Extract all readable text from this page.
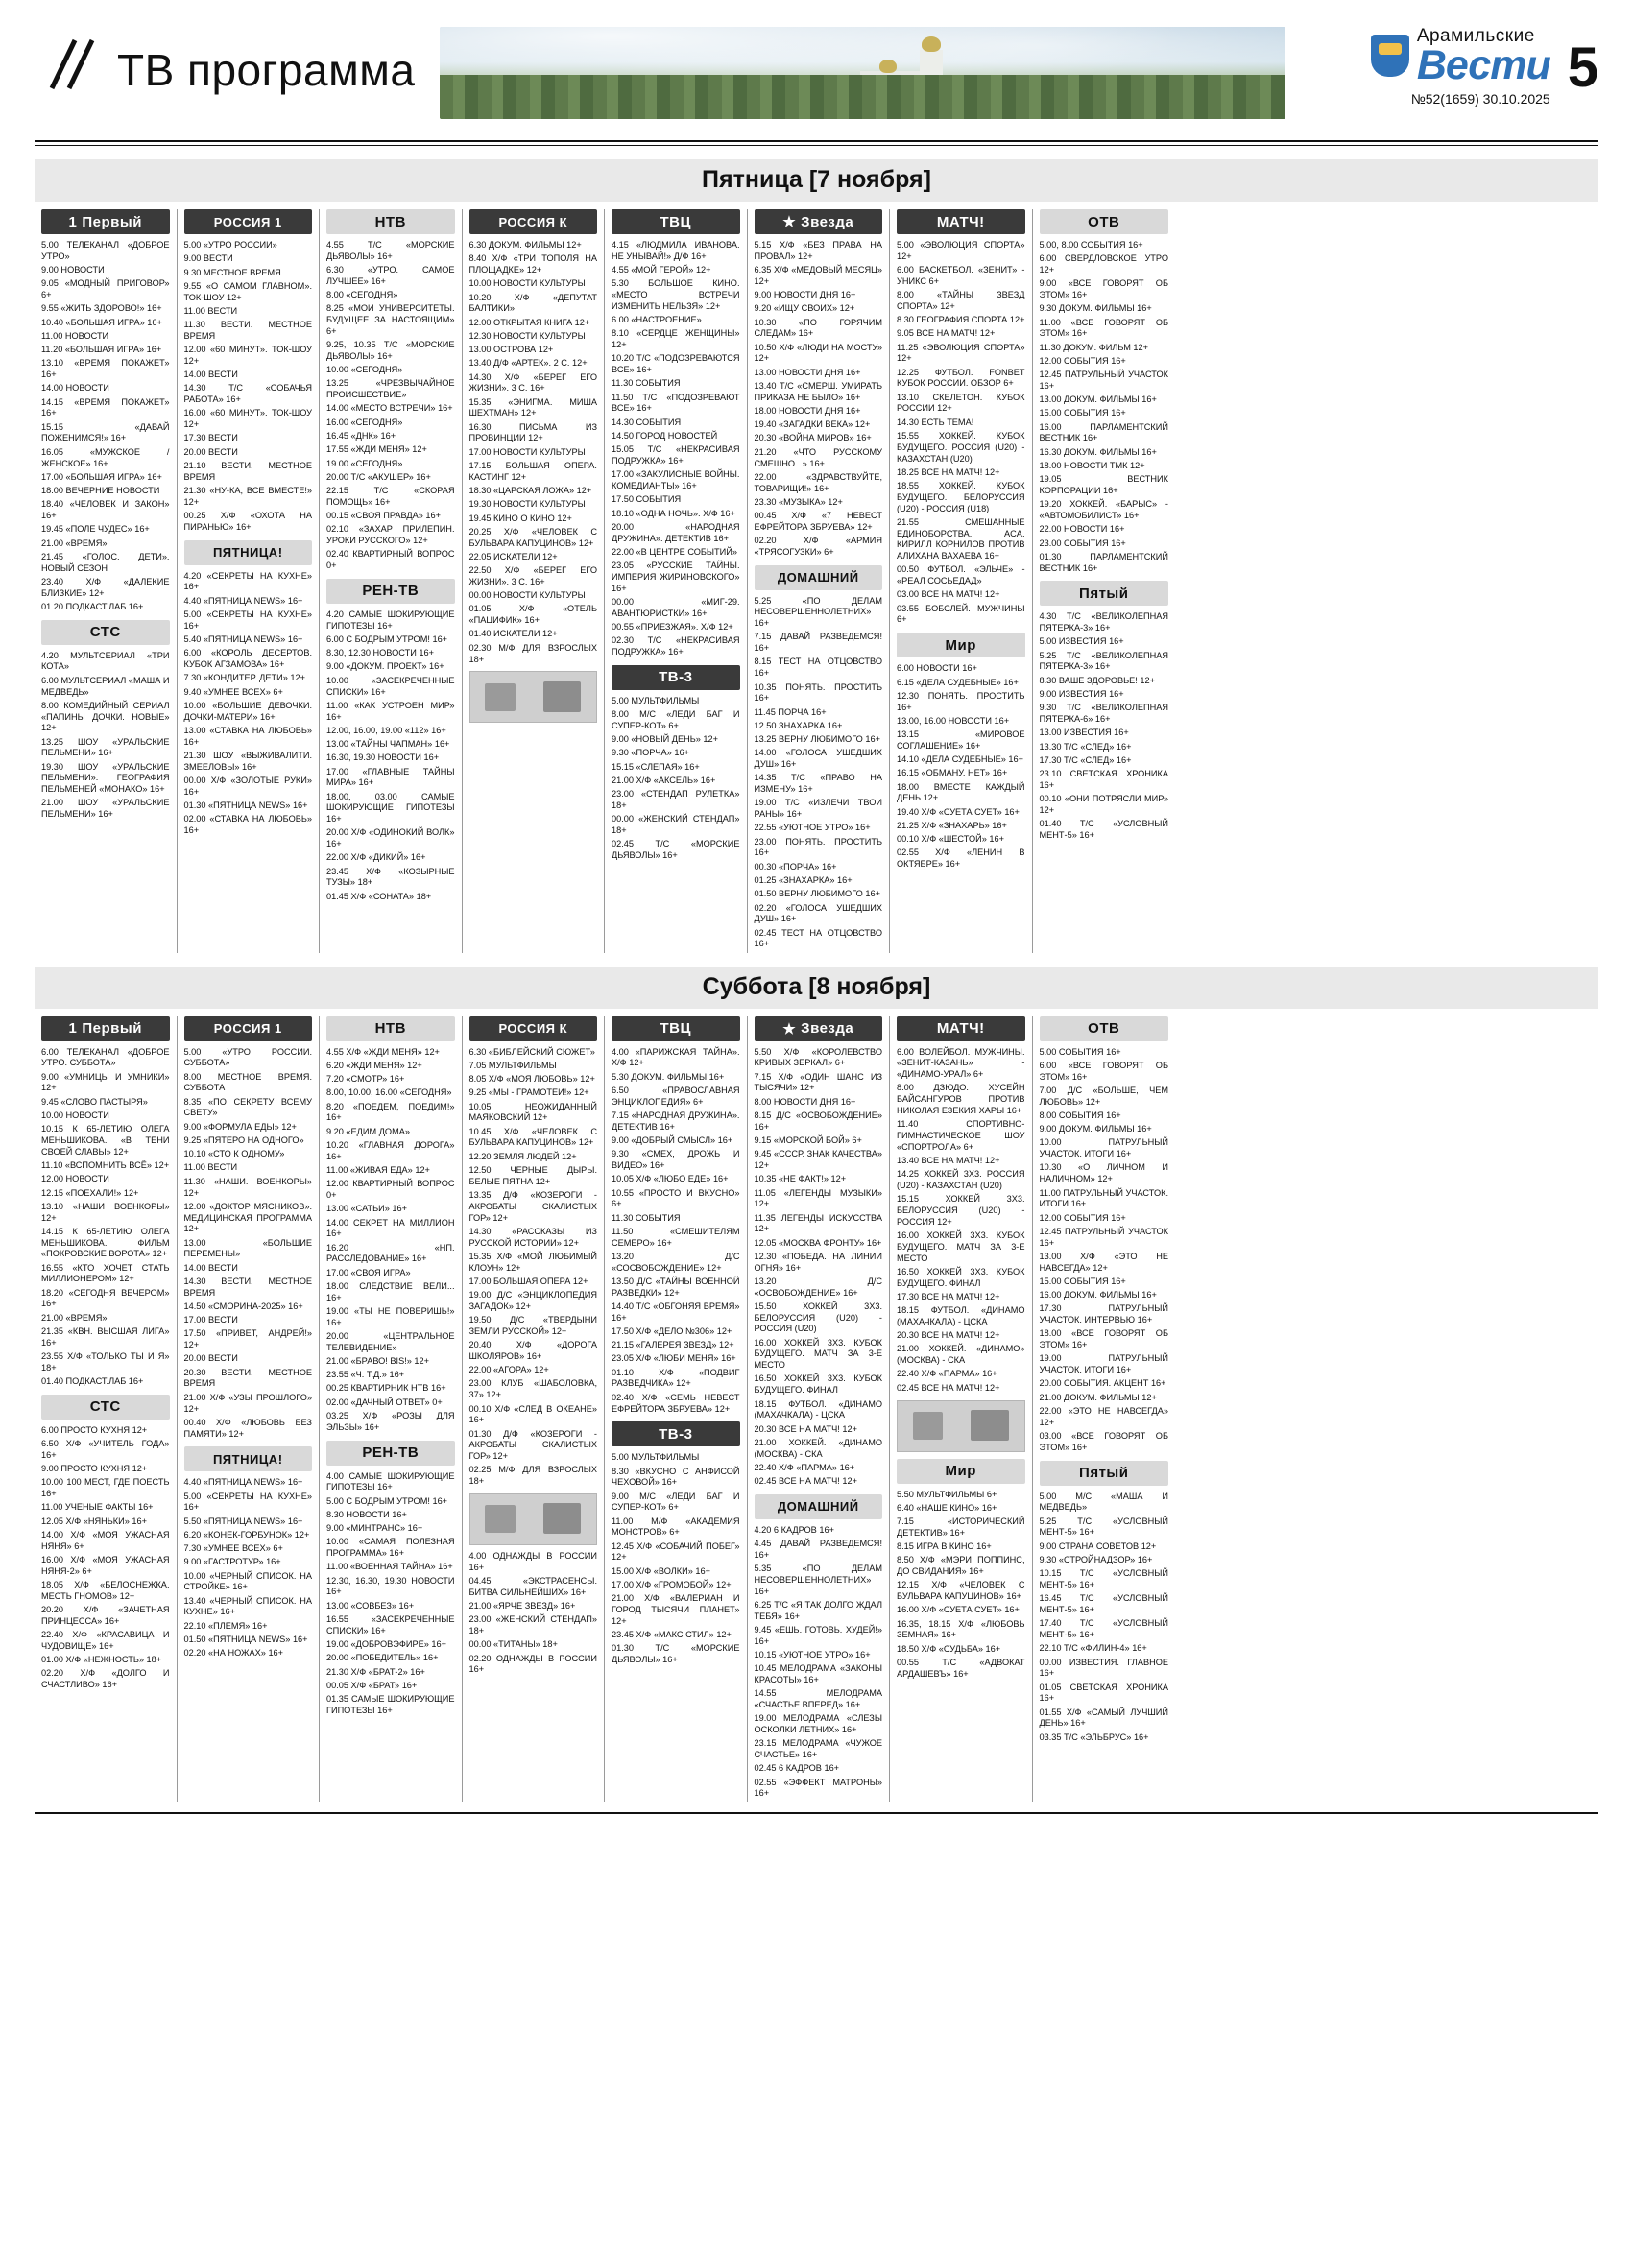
ТВ программа
Арамильские
Вести
№52(1659) 30.10.2025 5
Пятница [7 ноября]
1 Первый

5.00 ТЕЛЕКАНАЛ «ДОБРОЕ УТРО»

9.00 НОВОСТИ

9.05 «МОДНЫЙ ПРИГОВОР» 6+

9.55 «ЖИТЬ ЗДОРОВО!» 16+

10.40 «БОЛЬШАЯ ИГРА» 16+

11.00 НОВОСТИ

11.20 «БОЛЬШАЯ ИГРА» 16+

13.10 «ВРЕМЯ ПОКАЖЕТ» 16+

14.00 НОВОСТИ

14.15 «ВРЕМЯ ПОКАЖЕТ» 16+

15.15 «ДАВАЙ ПОЖЕНИМСЯ!» 16+

16.05 «МУЖСКОЕ / ЖЕНСКОЕ» 16+

17.00 «БОЛЬШАЯ ИГРА» 16+

18.00 ВЕЧЕРНИЕ НОВОСТИ

18.40 «ЧЕЛОВЕК И ЗАКОН» 16+

19.45 «ПОЛЕ ЧУДЕС» 16+

21.00 «ВРЕМЯ»

21.45 «ГОЛОС. ДЕТИ». НОВЫЙ СЕЗОН

23.40 Х/Ф «ДАЛЕКИЕ БЛИЗКИЕ» 12+

01.20 ПОДКАСТ.ЛАБ 16+

СТС

4.20 МУЛЬТСЕРИАЛ «ТРИ КОТА»

6.00 МУЛЬТСЕРИАЛ «МАША И МЕДВЕДЬ»

8.00 КОМЕДИЙНЫЙ СЕРИАЛ «ПАПИНЫ ДОЧКИ. НОВЫЕ» 12+

13.25 ШОУ «УРАЛЬСКИЕ ПЕЛЬМЕНИ» 16+

19.30 ШОУ «УРАЛЬСКИЕ ПЕЛЬМЕНИ». ГЕОГРАФИЯ ПЕЛЬМЕНЕЙ «МОНАКО» 16+

21.00 ШОУ «УРАЛЬСКИЕ ПЕЛЬМЕНИ» 16+

РОССИЯ 1

5.00 «УТРО РОССИИ»

9.00 ВЕСТИ

9.30 МЕСТНОЕ ВРЕМЯ

9.55 «О САМОМ ГЛАВНОМ». ТОК-ШОУ 12+

11.00 ВЕСТИ

11.30 ВЕСТИ. МЕСТНОЕ ВРЕМЯ

12.00 «60 МИНУТ». ТОК-ШОУ 12+

14.00 ВЕСТИ

14.30 Т/С «СОБАЧЬЯ РАБОТА» 16+

16.00 «60 МИНУТ». ТОК-ШОУ 12+

17.30 ВЕСТИ

20.00 ВЕСТИ

21.10 ВЕСТИ. МЕСТНОЕ ВРЕМЯ

21.30 «НУ-КА, ВСЕ ВМЕСТЕ!» 12+

00.25 Х/Ф «ОХОТА НА ПИРАНЬЮ» 16+

ПЯТНИЦА!

4.20 «СЕКРЕТЫ НА КУХНЕ» 16+

4.40 «ПЯТНИЦА NEWS» 16+

5.00 «СЕКРЕТЫ НА КУХНЕ» 16+

5.40 «ПЯТНИЦА NEWS» 16+

6.00 «КОРОЛЬ ДЕСЕРТОВ. КУБОК АГЗАМОВА» 16+

7.30 «КОНДИТЕР. ДЕТИ» 12+

9.40 «УМНЕЕ ВСЕХ» 6+

10.00 «БОЛЬШИЕ ДЕВОЧКИ. ДОЧКИ-МАТЕРИ» 16+

13.00 «СТАВКА НА ЛЮБОВЬ» 16+

21.30 ШОУ «ВЫЖИВАЛИТИ. ЗМЕЕЛОВЫ» 16+

00.00 Х/Ф «ЗОЛОТЫЕ РУКИ» 16+

01.30 «ПЯТНИЦА NEWS» 16+

02.00 «СТАВКА НА ЛЮБОВЬ» 16+

НТВ

4.55 Т/С «МОРСКИЕ ДЬЯВОЛЫ» 16+

6.30 «УТРО. САМОЕ ЛУЧШЕЕ» 16+

8.00 «СЕГОДНЯ»

8.25 «МОИ УНИВЕРСИТЕТЫ. БУДУЩЕЕ ЗА НАСТОЯЩИМ» 6+

9.25, 10.35 Т/С «МОРСКИЕ ДЬЯВОЛЫ» 16+

10.00 «СЕГОДНЯ»

13.25 «ЧРЕЗВЫЧАЙНОЕ ПРОИСШЕСТВИЕ»

14.00 «МЕСТО ВСТРЕЧИ» 16+

16.00 «СЕГОДНЯ»

16.45 «ДНК» 16+

17.55 «ЖДИ МЕНЯ» 12+

19.00 «СЕГОДНЯ»

20.00 Т/С «АКУШЕР» 16+

22.15 Т/С «СКОРАЯ ПОМОЩЬ» 16+

00.15 «СВОЯ ПРАВДА» 16+

02.10 «ЗАХАР ПРИЛЕПИН. УРОКИ РУССКОГО» 12+

02.40 КВАРТИРНЫЙ ВОПРОС 0+

РЕН-ТВ

4.20 САМЫЕ ШОКИРУЮЩИЕ ГИПОТЕЗЫ 16+

6.00 С БОДРЫМ УТРОМ! 16+

8.30, 12.30 НОВОСТИ 16+

9.00 «ДОКУМ. ПРОЕКТ» 16+

10.00 «ЗАСЕКРЕЧЕННЫЕ СПИСКИ» 16+

11.00 «КАК УСТРОЕН МИР» 16+

12.00, 16.00, 19.00 «112» 16+

13.00 «ТАЙНЫ ЧАПМАН» 16+

16.30, 19.30 НОВОСТИ 16+

17.00 «ГЛАВНЫЕ ТАЙНЫ МИРА» 16+

18.00, 03.00 САМЫЕ ШОКИРУЮЩИЕ ГИПОТЕЗЫ 16+

20.00 Х/Ф «ОДИНОКИЙ ВОЛК» 16+

22.00 Х/Ф «ДИКИЙ» 16+

23.45 Х/Ф «КОЗЫРНЫЕ ТУЗЫ» 18+

01.45 Х/Ф «СОНАТА» 18+

РОССИЯ К

6.30 ДОКУМ. ФИЛЬМЫ 12+

8.40 Х/Ф «ТРИ ТОПОЛЯ НА ПЛОЩАДКЕ» 12+

10.00 НОВОСТИ КУЛЬТУРЫ

10.20 Х/Ф «ДЕПУТАТ БАЛТИКИ»

12.00 ОТКРЫТАЯ КНИГА 12+

12.30 НОВОСТИ КУЛЬТУРЫ

13.00 ОСТРОВА 12+

13.40 Д/Ф «АРТЕК». 2 С. 12+

14.30 Х/Ф «БЕРЕГ ЕГО ЖИЗНИ». 3 С. 16+

15.35 «ЭНИГМА. МИША ШЕХТМАН» 12+

16.30 ПИСЬМА ИЗ ПРОВИНЦИИ 12+

17.00 НОВОСТИ КУЛЬТУРЫ

17.15 БОЛЬШАЯ ОПЕРА. КАСТИНГ 12+

18.30 «ЦАРСКАЯ ЛОЖА» 12+

19.30 НОВОСТИ КУЛЬТУРЫ

19.45 КИНО О КИНО 12+

20.25 Х/Ф «ЧЕЛОВЕК С БУЛЬВАРА КАПУЦИНОВ» 12+

22.05 ИСКАТЕЛИ 12+

22.50 Х/Ф «БЕРЕГ ЕГО ЖИЗНИ». 3 С. 16+

00.00 НОВОСТИ КУЛЬТУРЫ

01.05 Х/Ф «ОТЕЛЬ «ПАЦИФИК» 16+

01.40 ИСКАТЕЛИ 12+

02.30 М/Ф ДЛЯ ВЗРОСЛЫХ 18+

ТВЦ

4.15 «ЛЮДМИЛА ИВАНОВА. НЕ УНЫВАЙ!» Д/Ф 16+

4.55 «МОЙ ГЕРОЙ» 12+

5.30 БОЛЬШОЕ КИНО. «МЕСТО ВСТРЕЧИ ИЗМЕНИТЬ НЕЛЬЗЯ» 12+

6.00 «НАСТРОЕНИЕ»

8.10 «СЕРДЦЕ ЖЕНЩИНЫ» 12+

10.20 Т/С «ПОДОЗРЕВАЮТСЯ ВСЕ» 16+

11.30 СОБЫТИЯ

11.50 Т/С «ПОДОЗРЕВАЮТ ВСЕ» 16+

14.30 СОБЫТИЯ

14.50 ГОРОД НОВОСТЕЙ

15.05 Т/С «НЕКРАСИВАЯ ПОДРУЖКА» 16+

17.00 «ЗАКУЛИСНЫЕ ВОЙНЫ. КОМЕДИАНТЫ» 16+

17.50 СОБЫТИЯ

18.10 «ОДНА НОЧЬ». Х/Ф 16+

20.00 «НАРОДНАЯ ДРУЖИНА». ДЕТЕКТИВ 16+

22.00 «В ЦЕНТРЕ СОБЫТИЙ»

23.05 «РУССКИЕ ТАЙНЫ. ИМПЕРИЯ ЖИРИНОВСКОГО» 16+

00.00 «МИГ-29. АВАНТЮРИСТКИ» 16+

00.55 «ПРИЕЗЖАЯ». Х/Ф 12+

02.30 Т/С «НЕКРАСИВАЯ ПОДРУЖКА» 16+

ТВ-3

5.00 МУЛЬТФИЛЬМЫ

8.00 М/С «ЛЕДИ БАГ И СУПЕР-КОТ» 6+

9.00 «НОВЫЙ ДЕНЬ» 12+

9.30 «ПОРЧА» 16+

15.15 «СЛЕПАЯ» 16+

21.00 Х/Ф «АКСЕЛЬ» 16+

23.00 «СТЕНДАП РУЛЕТКА» 18+

00.00 «ЖЕНСКИЙ СТЕНДАП» 18+

02.45 Т/С «МОРСКИЕ ДЬЯВОЛЫ» 16+

★ Звезда

5.15 Х/Ф «БЕЗ ПРАВА НА ПРОВАЛ» 12+

6.35 Х/Ф «МЕДОВЫЙ МЕСЯЦ» 12+

9.00 НОВОСТИ ДНЯ 16+

9.20 «ИЩУ СВОИХ» 12+

10.30 «ПО ГОРЯЧИМ СЛЕДАМ» 16+

10.50 Х/Ф «ЛЮДИ НА МОСТУ» 12+

13.00 НОВОСТИ ДНЯ 16+

13.40 Т/С «СМЕРШ. УМИРАТЬ ПРИКАЗА НЕ БЫЛО» 16+

18.00 НОВОСТИ ДНЯ 16+

19.40 «ЗАГАДКИ ВЕКА» 12+

20.30 «ВОЙНА МИРОВ» 16+

21.20 «ЧТО РУССКОМУ СМЕШНО...» 16+

22.00 «ЗДРАВСТВУЙТЕ, ТОВАРИЩИ!» 16+

23.30 «МУЗЫКА» 12+

00.45 Х/Ф «7 НЕВЕСТ ЕФРЕЙТОРА ЗБРУЕВА» 12+

02.20 Х/Ф «АРМИЯ «ТРЯСОГУЗКИ» 6+

ДОМАШНИЙ

5.25 «ПО ДЕЛАМ НЕСОВЕРШЕННОЛЕТНИХ» 16+

7.15 ДАВАЙ РАЗВЕДЕМСЯ! 16+

8.15 ТЕСТ НА ОТЦОВСТВО 16+

10.35 ПОНЯТЬ. ПРОСТИТЬ 16+

11.45 ПОРЧА 16+

12.50 ЗНАХАРКА 16+

13.25 ВЕРНУ ЛЮБИМОГО 16+

14.00 «ГОЛОСА УШЕДШИХ ДУШ» 16+

14.35 Т/С «ПРАВО НА ИЗМЕНУ» 16+

19.00 Т/С «ИЗЛЕЧИ ТВОИ РАНЫ» 16+

22.55 «УЮТНОЕ УТРО» 16+

23.00 ПОНЯТЬ. ПРОСТИТЬ 16+

00.30 «ПОРЧА» 16+

01.25 «ЗНАХАРКА» 16+

01.50 ВЕРНУ ЛЮБИМОГО 16+

02.20 «ГОЛОСА УШЕДШИХ ДУШ» 16+

02.45 ТЕСТ НА ОТЦОВСТВО 16+

МАТЧ!

5.00 «ЭВОЛЮЦИЯ СПОРТА» 12+

6.00 БАСКЕТБОЛ. «ЗЕНИТ» - УНИКС 6+

8.00 «ТАЙНЫ ЗВЕЗД СПОРТА» 12+

8.30 ГЕОГРАФИЯ СПОРТА 12+

9.05 ВСЕ НА МАТЧ! 12+

11.25 «ЭВОЛЮЦИЯ СПОРТА» 12+

12.25 ФУТБОЛ. FONBET КУБОК РОССИИ. ОБЗОР 6+

13.10 СКЕЛЕТОН. КУБОК РОССИИ 12+

14.30 ЕСТЬ ТЕМА!

15.55 ХОККЕЙ. КУБОК БУДУЩЕГО. РОССИЯ (U20) - КАЗАХСТАН (U20)

18.25 ВСЕ НА МАТЧ! 12+

18.55 ХОККЕЙ. КУБОК БУДУЩЕГО. БЕЛОРУССИЯ (U20) - РОССИЯ (U18)

21.55 СМЕШАННЫЕ ЕДИНОБОРСТВА. ACA. КИРИЛЛ КОРНИЛОВ ПРОТИВ АЛИХАНА ВАХАЕВА 16+

00.50 ФУТБОЛ. «ЭЛЬЧЕ» - «РЕАЛ СОСЬЕДАД»

03.00 ВСЕ НА МАТЧ! 12+

03.55 БОБСЛЕЙ. МУЖЧИНЫ 6+

Мир

6.00 НОВОСТИ 16+

6.15 «ДЕЛА СУДЕБНЫЕ» 16+

12.30 ПОНЯТЬ. ПРОСТИТЬ 16+

13.00, 16.00 НОВОСТИ 16+

13.15 «МИРОВОЕ СОГЛАШЕНИЕ» 16+

14.10 «ДЕЛА СУДЕБНЫЕ» 16+

16.15 «ОБМАНУ. НЕТ» 16+

18.00 ВМЕСТЕ КАЖДЫЙ ДЕНЬ 12+

19.40 Х/Ф «СУЕТА СУЕТ» 16+

21.25 Х/Ф «ЗНАХАРЬ» 16+

00.10 Х/Ф «ШЕСТОЙ» 16+

02.55 Х/Ф «ЛЕНИН В ОКТЯБРЕ» 16+

ОТВ

5.00, 8.00 СОБЫТИЯ 16+

6.00 СВЕРДЛОВСКОЕ УТРО 12+

9.00 «ВСЕ ГОВОРЯТ ОБ ЭТОМ» 16+

9.30 ДОКУМ. ФИЛЬМЫ 16+

11.00 «ВСЕ ГОВОРЯТ ОБ ЭТОМ» 16+

11.30 ДОКУМ. ФИЛЬМ 12+

12.00 СОБЫТИЯ 16+

12.45 ПАТРУЛЬНЫЙ УЧАСТОК 16+

13.00 ДОКУМ. ФИЛЬМЫ 16+

15.00 СОБЫТИЯ 16+

16.00 ПАРЛАМЕНТСКИЙ ВЕСТНИК 16+

16.30 ДОКУМ. ФИЛЬМЫ 16+

18.00 НОВОСТИ ТМК 12+

19.05 ВЕСТНИК КОРПОРАЦИИ 16+

19.20 ХОККЕЙ. «БАРЫС» - «АВТОМОБИЛИСТ» 16+

22.00 НОВОСТИ 16+

23.00 СОБЫТИЯ 16+

01.30 ПАРЛАМЕНТСКИЙ ВЕСТНИК 16+

Пятый

4.30 Т/С «ВЕЛИКОЛЕПНАЯ ПЯТЕРКА-3» 16+

5.00 ИЗВЕСТИЯ 16+

5.25 Т/С «ВЕЛИКОЛЕПНАЯ ПЯТЕРКА-3» 16+

8.30 ВАШЕ ЗДОРОВЬЕ! 12+

9.00 ИЗВЕСТИЯ 16+

9.30 Т/С «ВЕЛИКОЛЕПНАЯ ПЯТЕРКА-6» 16+

13.00 ИЗВЕСТИЯ 16+

13.30 Т/С «СЛЕД» 16+

17.30 Т/С «СЛЕД» 16+

23.10 СВЕТСКАЯ ХРОНИКА 16+

00.10 «ОНИ ПОТРЯСЛИ МИР» 12+

01.40 Т/С «УСЛОВНЫЙ МЕНТ-5» 16+

Суббота [8 ноября]
1 Первый

6.00 ТЕЛЕКАНАЛ «ДОБРОЕ УТРО. СУББОТА»

9.00 «УМНИЦЫ И УМНИКИ» 12+

9.45 «СЛОВО ПАСТЫРЯ»

10.00 НОВОСТИ

10.15 К 65-ЛЕТИЮ ОЛЕГА МЕНЬШИКОВА. «В ТЕНИ СВОЕЙ СЛАВЫ» 12+

11.10 «ВСПОМНИТЬ ВСЁ» 12+

12.00 НОВОСТИ

12.15 «ПОЕХАЛИ!» 12+

13.10 «НАШИ ВОЕНКОРЫ» 12+

14.15 К 65-ЛЕТИЮ ОЛЕГА МЕНЬШИКОВА. ФИЛЬМ «ПОКРОВСКИЕ ВОРОТА» 12+

16.55 «КТО ХОЧЕТ СТАТЬ МИЛЛИОНЕРОМ» 12+

18.20 «СЕГОДНЯ ВЕЧЕРОМ» 16+

21.00 «ВРЕМЯ»

21.35 «КВН. ВЫСШАЯ ЛИГА» 16+

23.55 Х/Ф «ТОЛЬКО ТЫ И Я» 18+

01.40 ПОДКАСТ.ЛАБ 16+

СТС

6.00 ПРОСТО КУХНЯ 12+

6.50 Х/Ф «УЧИТЕЛЬ ГОДА» 16+

9.00 ПРОСТО КУХНЯ 12+

10.00 100 МЕСТ, ГДЕ ПОЕСТЬ 16+

11.00 УЧЕНЫЕ ФАКТЫ 16+

12.05 Х/Ф «НЯНЬКИ» 16+

14.00 Х/Ф «МОЯ УЖАСНАЯ НЯНЯ» 6+

16.00 Х/Ф «МОЯ УЖАСНАЯ НЯНЯ-2» 6+

18.05 Х/Ф «БЕЛОСНЕЖКА. МЕСТЬ ГНОМОВ» 12+

20.20 Х/Ф «ЗАЧЕТНАЯ ПРИНЦЕССА» 16+

22.40 Х/Ф «КРАСАВИЦА И ЧУДОВИЩЕ» 16+

01.00 Х/Ф «НЕЖНОСТЬ» 18+

02.20 Х/Ф «ДОЛГО И СЧАСТЛИВО» 16+

РОССИЯ 1

5.00 «УТРО РОССИИ. СУББОТА»

8.00 МЕСТНОЕ ВРЕМЯ. СУББОТА

8.35 «ПО СЕКРЕТУ ВСЕМУ СВЕТУ»

9.00 «ФОРМУЛА ЕДЫ» 12+

9.25 «ПЯТЕРО НА ОДНОГО»

10.10 «СТО К ОДНОМУ»

11.00 ВЕСТИ

11.30 «НАШИ. ВОЕНКОРЫ» 12+

12.00 «ДОКТОР МЯСНИКОВ». МЕДИЦИНСКАЯ ПРОГРАММА 12+

13.00 «БОЛЬШИЕ ПЕРЕМЕНЫ»

14.00 ВЕСТИ

14.30 ВЕСТИ. МЕСТНОЕ ВРЕМЯ

14.50 «СМОРИНА-2025» 16+

17.00 ВЕСТИ

17.50 «ПРИВЕТ, АНДРЕЙ!» 12+

20.00 ВЕСТИ

20.30 ВЕСТИ. МЕСТНОЕ ВРЕМЯ

21.00 Х/Ф «УЗЫ ПРОШЛОГО» 12+

00.40 Х/Ф «ЛЮБОВЬ БЕЗ ПАМЯТИ» 12+

ПЯТНИЦА!

4.40 «ПЯТНИЦА NEWS» 16+

5.00 «СЕКРЕТЫ НА КУХНЕ» 16+

5.50 «ПЯТНИЦА NEWS» 16+

6.20 «КОНЕК-ГОРБУНОК» 12+

7.30 «УМНЕЕ ВСЕХ» 6+

9.00 «ГАСТРОТУР» 16+

10.00 «ЧЕРНЫЙ СПИСОК. НА СТРОЙКЕ» 16+

13.40 «ЧЕРНЫЙ СПИСОК. НА КУХНЕ» 16+

22.10 «ПЛЕМЯ» 16+

01.50 «ПЯТНИЦА NEWS» 16+

02.20 «НА НОЖАХ» 16+

НТВ

4.55 Х/Ф «ЖДИ МЕНЯ» 12+

6.20 «ЖДИ МЕНЯ» 12+

7.20 «СМОТР» 16+

8.00, 10.00, 16.00 «СЕГОДНЯ»

8.20 «ПОЕДЕМ, ПОЕДИМ!» 16+

9.20 «ЕДИМ ДОМА»

10.20 «ГЛАВНАЯ ДОРОГА» 16+

11.00 «ЖИВАЯ ЕДА» 12+

12.00 КВАРТИРНЫЙ ВОПРОС 0+

13.00 «САТЬИ» 16+

14.00 СЕКРЕТ НА МИЛЛИОН 16+

16.20 «НП. РАССЛЕДОВАНИЕ» 16+

17.00 «СВОЯ ИГРА»

18.00 СЛЕДСТВИЕ ВЕЛИ... 16+

19.00 «ТЫ НЕ ПОВЕРИШЬ!» 16+

20.00 «ЦЕНТРАЛЬНОЕ ТЕЛЕВИДЕНИЕ»

21.00 «БРАВО! BIS!» 12+

23.55 «Ч. Т.Д.» 16+

00.25 КВАРТИРНИК НТВ 16+

02.00 «ДАЧНЫЙ ОТВЕТ» 0+

03.25 Х/Ф «РОЗЫ ДЛЯ ЭЛЬЗЫ» 16+

РЕН-ТВ

4.00 САМЫЕ ШОКИРУЮЩИЕ ГИПОТЕЗЫ 16+

5.00 С БОДРЫМ УТРОМ! 16+

8.30 НОВОСТИ 16+

9.00 «МИНТРАНС» 16+

10.00 «САМАЯ ПОЛЕЗНАЯ ПРОГРАММА» 16+

11.00 «ВОЕННАЯ ТАЙНА» 16+

12.30, 16.30, 19.30 НОВОСТИ 16+

13.00 «СОВБЕЗ» 16+

16.55 «ЗАСЕКРЕЧЕННЫЕ СПИСКИ» 16+

19.00 «ДОБРОВЭФИРЕ» 16+

20.00 «ПОБЕДИТЕЛЬ» 16+

21.30 Х/Ф «БРАТ-2» 16+

00.05 Х/Ф «БРАТ» 16+

01.35 САМЫЕ ШОКИРУЮЩИЕ ГИПОТЕЗЫ 16+

РОССИЯ К

6.30 «БИБЛЕЙСКИЙ СЮЖЕТ»

7.05 МУЛЬТФИЛЬМЫ

8.05 Х/Ф «МОЯ ЛЮБОВЬ» 12+

9.25 «МЫ - ГРАМОТЕИ!» 12+

10.05 НЕОЖИДАННЫЙ МАЯКОВСКИЙ 12+

10.45 Х/Ф «ЧЕЛОВЕК С БУЛЬВАРА КАПУЦИНОВ» 12+

12.20 ЗЕМЛЯ ЛЮДЕЙ 12+

12.50 ЧЕРНЫЕ ДЫРЫ. БЕЛЫЕ ПЯТНА 12+

13.35 Д/Ф «КОЗЕРОГИ - АКРОБАТЫ СКАЛИСТЫХ ГОР» 12+

14.30 «РАССКАЗЫ ИЗ РУССКОЙ ИСТОРИИ» 12+

15.35 Х/Ф «МОЙ ЛЮБИМЫЙ КЛОУН» 12+

17.00 БОЛЬШАЯ ОПЕРА 12+

19.00 Д/С «ЭНЦИКЛОПЕДИЯ ЗАГАДОК» 12+

19.50 Д/С «ТВЕРДЫНИ ЗЕМЛИ РУССКОЙ» 12+

20.40 Х/Ф «ДОРОГА ШКОЛЯРОВ» 16+

22.00 «АГОРА» 12+

23.00 КЛУБ «ШАБОЛОВКА, 37» 12+

00.10 Х/Ф «СЛЕД В ОКЕАНЕ» 16+

01.30 Д/Ф «КОЗЕРОГИ - АКРОБАТЫ СКАЛИСТЫХ ГОР» 12+

02.25 М/Ф ДЛЯ ВЗРОСЛЫХ 18+

4.00 ОДНАЖДЫ В РОССИИ 16+

04.45 «ЭКСТРАСЕНСЫ. БИТВА СИЛЬНЕЙШИХ» 16+

21.00 «ЯРЧЕ ЗВЕЗД» 16+

23.00 «ЖЕНСКИЙ СТЕНДАП» 18+

00.00 «ТИТАНЫ» 18+

02.20 ОДНАЖДЫ В РОССИИ 16+

ТВЦ

4.00 «ПАРИЖСКАЯ ТАЙНА». Х/Ф 12+

5.30 ДОКУМ. ФИЛЬМЫ 16+

6.50 «ПРАВОСЛАВНАЯ ЭНЦИКЛОПЕДИЯ» 6+

7.15 «НАРОДНАЯ ДРУЖИНА». ДЕТЕКТИВ 16+

9.00 «ДОБРЫЙ СМЫСЛ» 16+

9.30 «СМЕХ, ДРОЖЬ И ВИДЕО» 16+

10.05 Х/Ф «ЛЮБО ЕДЕ» 16+

10.55 «ПРОСТО И ВКУСНО» 6+

11.30 СОБЫТИЯ

11.50 «СМЕШИТЕЛЯМ СЕМЕРО» 16+

13.20 Д/С «СОСВОБОЖДЕНИЕ» 12+

13.50 Д/С «ТАЙНЫ ВОЕННОЙ РАЗВЕДКИ» 12+

14.40 Т/С «ОБГОНЯЯ ВРЕМЯ» 16+

17.50 Х/Ф «ДЕЛО №306» 12+

21.15 «ГАЛЕРЕЯ ЗВЕЗД» 12+

23.05 Х/Ф «ЛЮБИ МЕНЯ» 16+

01.10 Х/Ф «ПОДВИГ РАЗВЕДЧИКА» 12+

02.40 Х/Ф «СЕМЬ НЕВЕСТ ЕФРЕЙТОРА ЗБРУЕВА» 12+

ТВ-3

5.00 МУЛЬТФИЛЬМЫ

8.30 «ВКУСНО С АНФИСОЙ ЧЕХОВОЙ» 16+

9.00 М/С «ЛЕДИ БАГ И СУПЕР-КОТ» 6+

11.00 М/Ф «АКАДЕМИЯ МОНСТРОВ» 6+

12.45 Х/Ф «СОБАЧИЙ ПОБЕГ» 12+

15.00 Х/Ф «ВОЛКИ» 16+

17.00 Х/Ф «ГРОМОБОЙ» 12+

21.00 Х/Ф «ВАЛЕРИАН И ГОРОД ТЫСЯЧИ ПЛАНЕТ» 12+

23.45 Х/Ф «МАКС СТИЛ» 12+

01.30 Т/С «МОРСКИЕ ДЬЯВОЛЫ» 16+

★ Звезда

5.50 Х/Ф «КОРОЛЕВСТВО КРИВЫХ ЗЕРКАЛ» 6+

7.15 Х/Ф «ОДИН ШАНС ИЗ ТЫСЯЧИ» 12+

8.00 НОВОСТИ ДНЯ 16+

8.15 Д/С «ОСВОБОЖДЕНИЕ» 16+

9.15 «МОРСКОЙ БОЙ» 6+

9.45 «СССР. ЗНАК КАЧЕСТВА» 12+

10.35 «НЕ ФАКТ!» 12+

11.05 «ЛЕГЕНДЫ МУЗЫКИ» 12+

11.35 ЛЕГЕНДЫ ИСКУССТВА 12+

12.05 «МОСКВА ФРОНТУ» 16+

12.30 «ПОБЕДА. НА ЛИНИИ ОГНЯ» 16+

13.20 Д/С «ОСВОБОЖДЕНИЕ» 16+

15.50 ХОККЕЙ 3Х3. БЕЛОРУССИЯ (U20) - РОССИЯ (U20)

16.00 ХОККЕЙ 3Х3. КУБОК БУДУЩЕГО. МАТЧ ЗА 3-Е МЕСТО

16.50 ХОККЕЙ 3Х3. КУБОК БУДУЩЕГО. ФИНАЛ

18.15 ФУТБОЛ. «ДИНАМО (МАХАЧКАЛА) - ЦСКА

20.30 ВСЕ НА МАТЧ! 12+

21.00 ХОККЕЙ. «ДИНАМО (МОСКВА) - СКА

22.40 Х/Ф «ПАРМА» 16+

02.45 ВСЕ НА МАТЧ! 12+

ДОМАШНИЙ

4.20 6 КАДРОВ 16+

4.45 ДАВАЙ РАЗВЕДЕМСЯ! 16+

5.35 «ПО ДЕЛАМ НЕСОВЕРШЕННОЛЕТНИХ» 16+

6.25 Т/С «Я ТАК ДОЛГО ЖДАЛ ТЕБЯ» 16+

9.45 «ЕШЬ. ГОТОВЬ. ХУДЕЙ!» 16+

10.15 «УЮТНОЕ УТРО» 16+

10.45 МЕЛОДРАМА «ЗАКОНЫ КРАСОТЫ» 16+

14.55 МЕЛОДРАМА «СЧАСТЬЕ ВПЕРЕД» 16+

19.00 МЕЛОДРАМА «СЛЕЗЫ ОСКОЛКИ ЛЕТНИХ» 16+

23.15 МЕЛОДРАМА «ЧУЖОЕ СЧАСТЬЕ» 16+

02.45 6 КАДРОВ 16+

02.55 «ЭФФЕКТ МАТРОНЫ» 16+

МАТЧ!

6.00 ВОЛЕЙБОЛ. МУЖЧИНЫ. «ЗЕНИТ-КАЗАНЬ» - «ДИНАМО-УРАЛ» 6+

8.00 ДЗЮДО. ХУСЕЙН БАЙСАНГУРОВ ПРОТИВ НИКОЛАЯ ЕЗЕКИЯ ХАРЫ 16+

11.40 СПОРТИВНО-ГИМНАСТИЧЕСКОЕ ШОУ «СПОРТРОЛА» 6+

13.40 ВСЕ НА МАТЧ! 12+

14.25 ХОККЕЙ 3Х3. РОССИЯ (U20) - КАЗАХСТАН (U20)

15.15 ХОККЕЙ 3Х3. БЕЛОРУССИЯ (U20) - РОССИЯ 12+

16.00 ХОККЕЙ 3Х3. КУБОК БУДУЩЕГО. МАТЧ ЗА 3-Е МЕСТО

16.50 ХОККЕЙ 3Х3. КУБОК БУДУЩЕГО. ФИНАЛ

17.30 ВСЕ НА МАТЧ! 12+

18.15 ФУТБОЛ. «ДИНАМО (МАХАЧКАЛА) - ЦСКА

20.30 ВСЕ НА МАТЧ! 12+

21.00 ХОККЕЙ. «ДИНАМО» (МОСКВА) - СКА

22.40 Х/Ф «ПАРМА» 16+

02.45 ВСЕ НА МАТЧ! 12+

Мир

5.50 МУЛЬТФИЛЬМЫ 6+

6.40 «НАШЕ КИНО» 16+

7.15 «ИСТОРИЧЕСКИЙ ДЕТЕКТИВ» 16+

8.15 ИГРА В КИНО 16+

8.50 Х/Ф «МЭРИ ПОППИНС, ДО СВИДАНИЯ» 16+

12.15 Х/Ф «ЧЕЛОВЕК С БУЛЬВАРА КАПУЦИНОВ» 16+

16.00 Х/Ф «СУЕТА СУЕТ» 16+

16.35, 18.15 Х/Ф «ЛЮБОВЬ ЗЕМНАЯ» 16+

18.50 Х/Ф «СУДЬБА» 16+

00.55 Т/С «АДВОКАТ АРДАШЕВЪ» 16+

ОТВ

5.00 СОБЫТИЯ 16+

6.00 «ВСЕ ГОВОРЯТ ОБ ЭТОМ» 16+

7.00 Д/С «БОЛЬШЕ, ЧЕМ ЛЮБОВЬ» 12+

8.00 СОБЫТИЯ 16+

9.00 ДОКУМ. ФИЛЬМЫ 16+

10.00 ПАТРУЛЬНЫЙ УЧАСТОК. ИТОГИ 16+

10.30 «О ЛИЧНОМ И НАЛИЧНОМ» 12+

11.00 ПАТРУЛЬНЫЙ УЧАСТОК. ИТОГИ 16+

12.00 СОБЫТИЯ 16+

12.45 ПАТРУЛЬНЫЙ УЧАСТОК 16+

13.00 Х/Ф «ЭТО НЕ НАВСЕГДА» 12+

15.00 СОБЫТИЯ 16+

16.00 ДОКУМ. ФИЛЬМЫ 16+

17.30 ПАТРУЛЬНЫЙ УЧАСТОК. ИНТЕРВЬЮ 16+

18.00 «ВСЕ ГОВОРЯТ ОБ ЭТОМ» 16+

19.00 ПАТРУЛЬНЫЙ УЧАСТОК. ИТОГИ 16+

20.00 СОБЫТИЯ. АКЦЕНТ 16+

21.00 ДОКУМ. ФИЛЬМЫ 12+

22.00 «ЭТО НЕ НАВСЕГДА» 12+

03.00 «ВСЕ ГОВОРЯТ ОБ ЭТОМ» 16+

Пятый

5.00 М/С «МАША И МЕДВЕДЬ»

5.25 Т/С «УСЛОВНЫЙ МЕНТ-5» 16+

9.00 СТРАНА СОВЕТОВ 12+

9.30 «СТРОЙНАДЗОР» 16+

10.15 Т/С «УСЛОВНЫЙ МЕНТ-5» 16+

16.45 Т/С «УСЛОВНЫЙ МЕНТ-5» 16+

17.40 Т/С «УСЛОВНЫЙ МЕНТ-5» 16+

22.10 Т/С «ФИЛИН-4» 16+

00.00 ИЗВЕСТИЯ. ГЛАВНОЕ 16+

01.05 СВЕТСКАЯ ХРОНИКА 16+

01.55 Х/Ф «САМЫЙ ЛУЧШИЙ ДЕНЬ» 16+

03.35 Т/С «ЭЛЬБРУС» 16+
